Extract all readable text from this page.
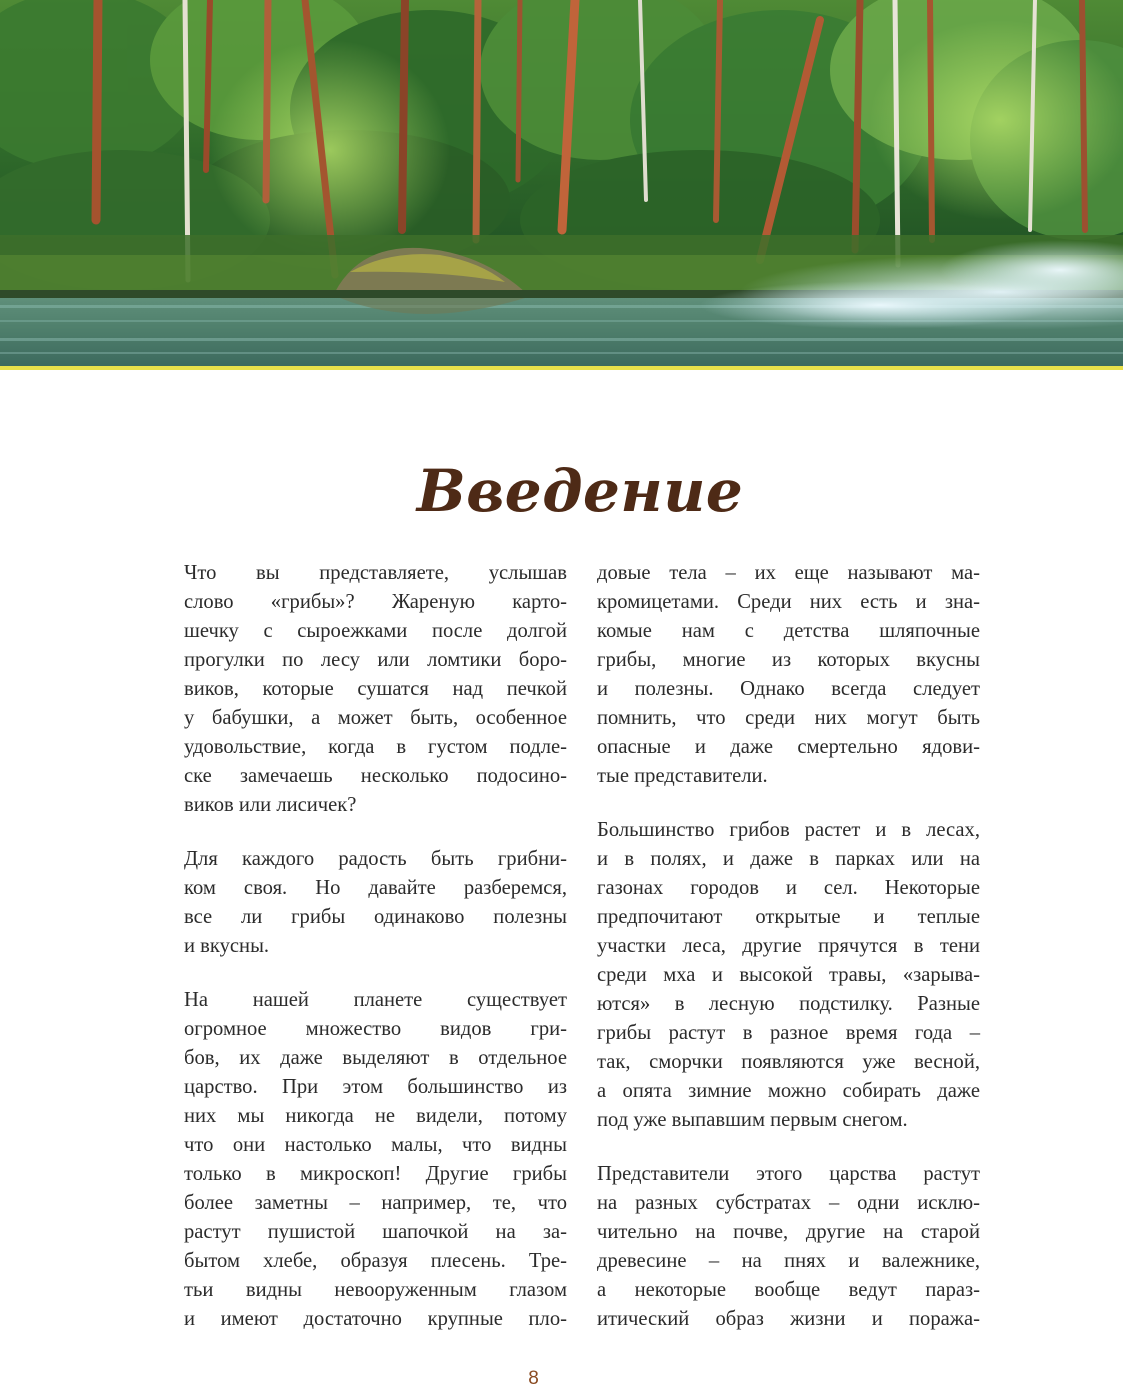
Введение
Что вы представляете, услышав
слово «грибы»? Жареную карто-
шечку с сыроежками после долгой
прогулки по лесу или ломтики боро-
виков, которые сушатся над печкой
у бабушки, а может быть, особенное
удовольствие, когда в густом подле-
ске замечаешь несколько подосино-
виков или лисичек?
Для каждого радость быть грибни-
ком своя. Но давайте разберемся,
все ли грибы одинаково полезны
и вкусны.
На нашей планете существует
огромное множество видов гри-
бов, их даже выделяют в отдельное
царство. При этом большинство из
них мы никогда не видели, потому
что они настолько малы, что видны
только в микроскоп! Другие грибы
более заметны – например, те, что
растут пушистой шапочкой на за-
бытом хлебе, образуя плесень. Тре-
тьи видны невооруженным глазом
и имеют достаточно крупные пло-
довые тела – их еще называют ма-
кромицетами. Среди них есть и зна-
комые нам с детства шляпочные
грибы, многие из которых вкусны
и полезны. Однако всегда следует
помнить, что среди них могут быть
опасные и даже смертельно ядови-
тые представители.
Большинство грибов растет и в лесах,
и в полях, и даже в парках или на
газонах городов и сел. Некоторые
предпочитают открытые и теплые
участки леса, другие прячутся в тени
среди мха и высокой травы, «зарыва-
ются» в лесную подстилку. Разные
грибы растут в разное время года –
так, сморчки появляются уже весной,
а опята зимние можно собирать даже
под уже выпавшим первым снегом.
Представители этого царства растут
на разных субстратах – одни исклю-
чительно на почве, другие на старой
древесине – на пнях и валежнике,
а некоторые вообще ведут параз-
итический образ жизни и поража-
8
